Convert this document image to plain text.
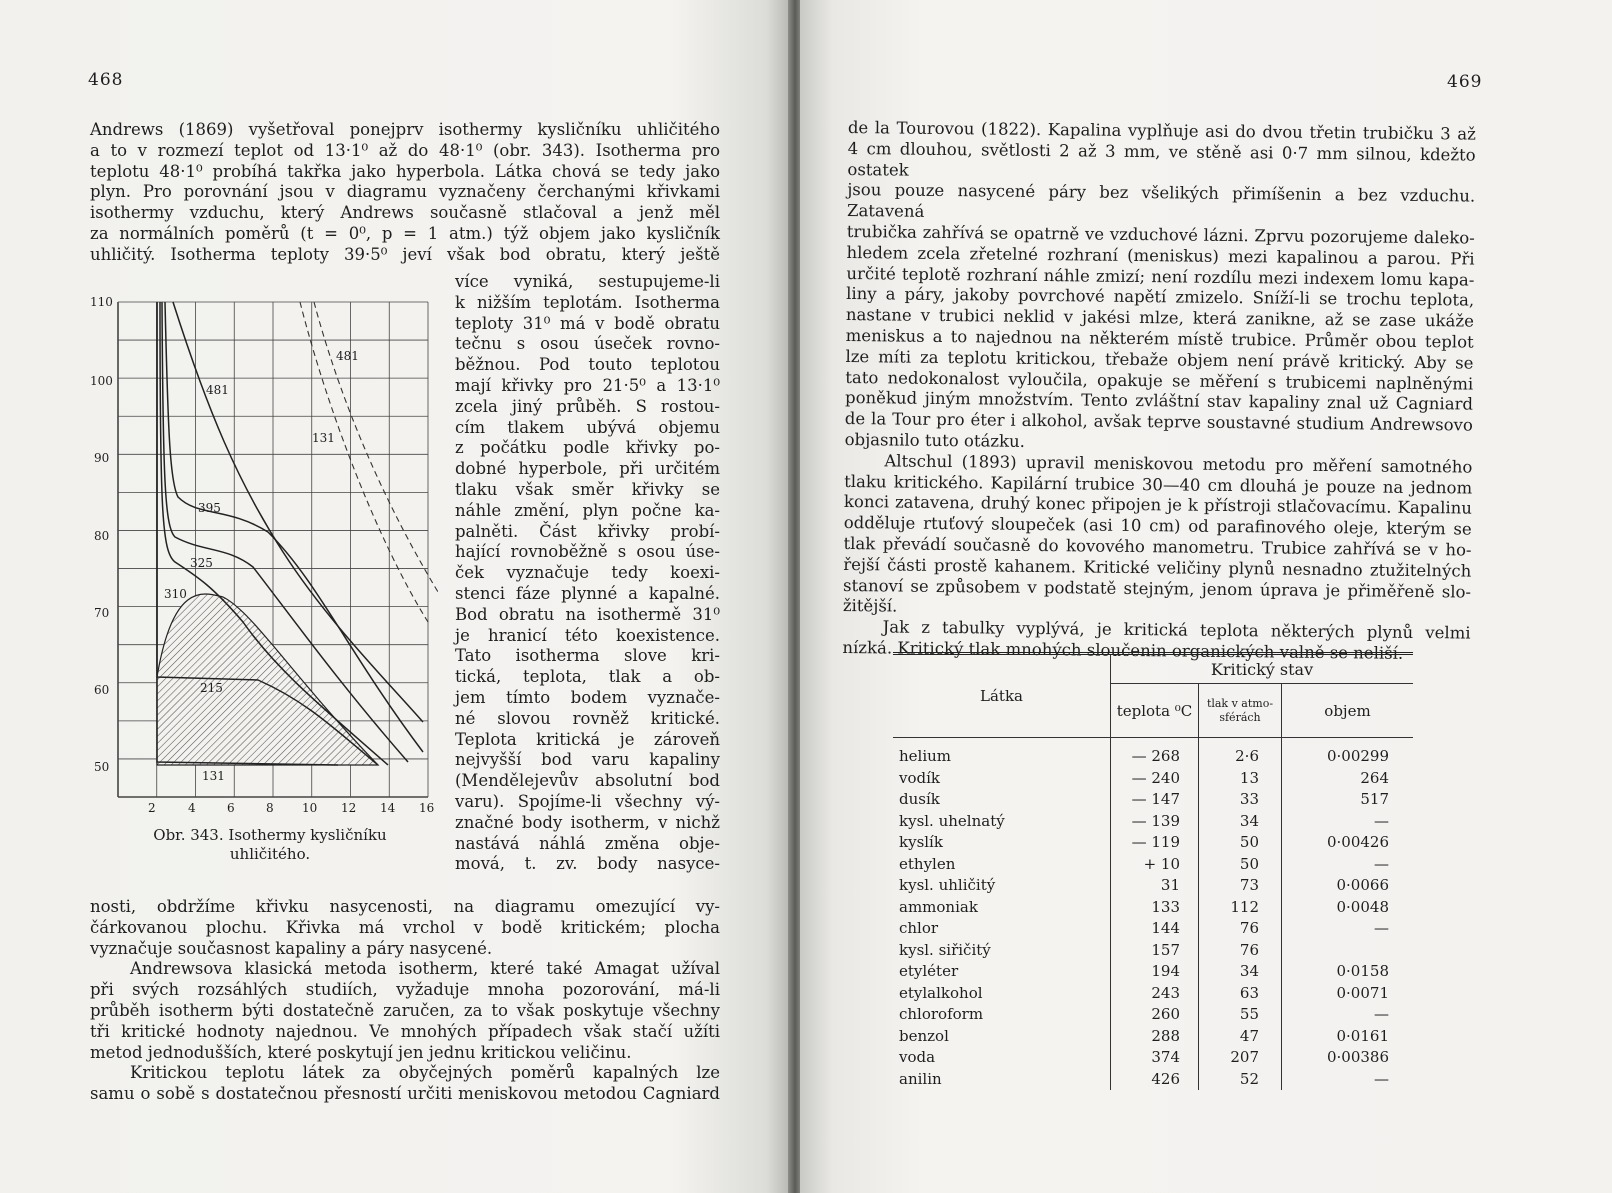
468

Andrews (1869) vyšetřoval ponejprv isothermy kysličníku uhličitého

a to v rozmezí teplot od 13·1⁰ až do 48·1⁰ (obr. 343). Isotherma pro

teplotu 48·1⁰ probíhá takřka jako hyperbola. Látka chová se tedy jako

plyn. Pro porovnání jsou v diagramu vyznačeny čerchanými křivkami

isothermy vzduchu, který Andrews současně stlačoval a jenž měl

za normálních poměrů (t = 0⁰, p = 1 atm.) týž objem jako kysličník

uhličitý. Isotherma teploty 39·5⁰ jeví však bod obratu, který ještě

více vyniká, sestupujeme-li

k nižším teplotám. Isotherma

teploty 31⁰ má v bodě obratu

tečnu s osou úseček rovno-

běžnou. Pod touto teplotou

mají křivky pro 21·5⁰ a 13·1⁰

zcela jiný průběh. S rostou-

cím tlakem ubývá objemu

z počátku podle křivky po-

dobné hyperbole, při určitém

tlaku však směr křivky se

náhle změní, plyn počne ka-

palněti. Část křivky probí-

hající rovnoběžně s osou úse-

ček vyznačuje tedy koexi-

stenci fáze plynné a kapalné.

Bod obratu na isothermě 31⁰

je hranicí této koexistence.

Tato isotherma slove kri-

tická, teplota, tlak a ob-

jem tímto bodem vyznače-

né slovou rovněž kritické.

Teplota kritická je zároveň

nejvyšší bod varu kapaliny

(Mendělejevův absolutní bod

varu). Spojíme-li všechny vý-

značné body isotherm, v nichž

nastává náhlá změna obje-

mová, t. zv. body nasyce-

110
100
90
80
70
60
50
2	4	6	8 10 12 14 16
481
481
131
395
325
310
215
131
Obr. 343. Isothermy kysličníku
uhličitého.

nosti, obdržíme křivku nasycenosti, na diagramu omezující vy-

čárkovanou plochu. Křivka má vrchol v bodě kritickém; plocha

vyznačuje současnost kapaliny a páry nasycené.

Andrewsova klasická metoda isotherm, které také Amagat užíval

při svých rozsáhlých studiích, vyžaduje mnoha pozorování, má-li

průběh isotherm býti dostatečně zaručen, za to však poskytuje všechny

tři kritické hodnoty najednou. Ve mnohých případech však stačí užíti

metod jednodušších, které poskytují jen jednu kritickou veličinu.

Kritickou teplotu látek za obyčejných poměrů kapalných lze

samu o sobě s dostatečnou přesností určiti meniskovou metodou Cagniard

469

de la Tourovou (1822). Kapalina vyplňuje asi do dvou třetin trubičku 3 až

4 cm dlouhou, světlosti 2 až 3 mm, ve stěně asi 0·7 mm silnou, kdežto ostatek

jsou pouze nasycené páry bez všelikých přimíšenin a bez vzduchu. Zatavená

trubička zahřívá se opatrně ve vzduchové lázni. Zprvu pozorujeme daleko-

hledem zcela zřetelné rozhraní (meniskus) mezi kapalinou a parou. Při

určité teplotě rozhraní náhle zmizí; není rozdílu mezi indexem lomu kapa-

liny a páry, jakoby povrchové napětí zmizelo. Sníží-li se trochu teplota,

nastane v trubici neklid v jakési mlze, která zanikne, až se zase ukáže

meniskus a to najednou na některém místě trubice. Průměr obou teplot

lze míti za teplotu kritickou, třebaže objem není právě kritický. Aby se

tato nedokonalost vyloučila, opakuje se měření s trubicemi naplněnými

poněkud jiným množstvím. Tento zvláštní stav kapaliny znal už Cagniard

de la Tour pro éter i alkohol, avšak teprve soustavné studium Andrewsovo

objasnilo tuto otázku.

Altschul (1893) upravil meniskovou metodu pro měření samotného

tlaku kritického. Kapilární trubice 30—40 cm dlouhá je pouze na jednom

konci zatavena, druhý konec připojen je k přístroji stlačovacímu. Kapalinu

odděluje rtuťový sloupeček (asi 10 cm) od parafinového oleje, kterým se

tlak převádí současně do kovového manometru. Trubice zahřívá se v ho-

řejší části prostě kahanem. Kritické veličiny plynů nesnadno ztužitelných

stanoví se způsobem v podstatě stejným, jenom úprava je přiměřeně slo-

žitější.

Jak z tabulky vyplývá, je kritická teplota některých plynů velmi

nízká. Kritický tlak mnohých sloučenin organických valně se neliší.

Látka	Kritický stav		
	teplota ⁰C	tlak v atmo-sférách	objem
helium	— 268	2·6	0·00299
vodík	— 240	13	264
dusík	— 147	33	517
kysl. uhelnatý	— 139	34	—
kyslík	— 119	50	0·00426
ethylen	+ 10	50	—
kysl. uhličitý	31	73	0·0066
ammoniak	133	112	0·0048
chlor	144	76	—
kysl. siřičitý	157	76	
etyléter	194	34	0·0158
etylalkohol	243	63	0·0071
chloroform	260	55	—
benzol	288	47	0·0161
voda	374	207	0·00386
anilin	426	52	—
